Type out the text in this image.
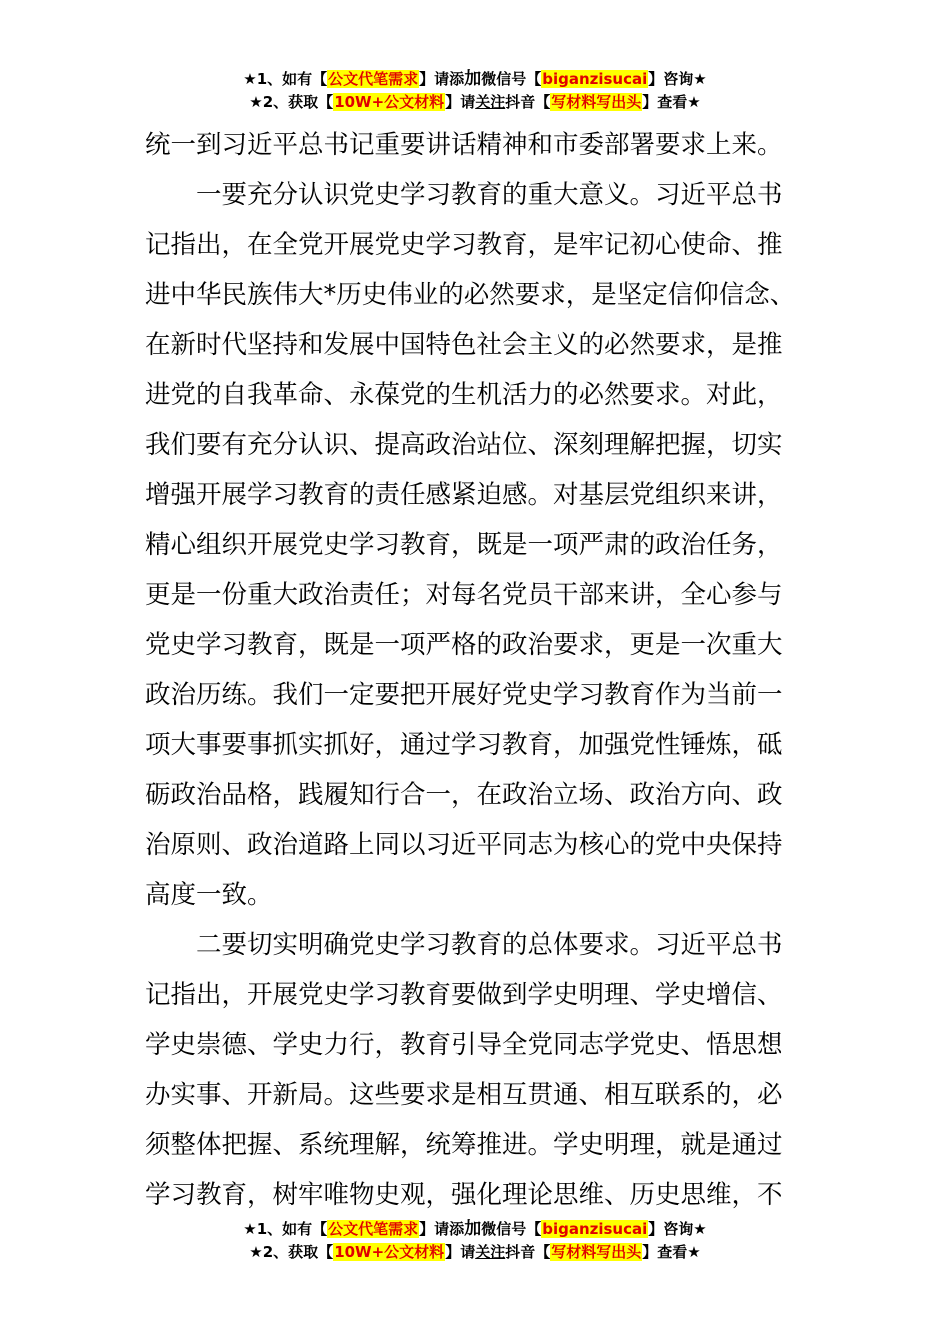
★1、如有【公文代笔需求】请添加微信号【biganzisucai】咨询★
★2、获取【10W+公文材料】请关注抖音【写材料写出头】查看★
统一到习近平总书记重要讲话精神和市委部署要求上来。
一要充分认识党史学习教育的重大意义。习近平总书
记指出，在全党开展党史学习教育，是牢记初心使命、推
进中华民族伟大*历史伟业的必然要求，是坚定信仰信念、
在新时代坚持和发展中国特色社会主义的必然要求，是推
进党的自我革命、永葆党的生机活力的必然要求。对此，
我们要有充分认识、提高政治站位、深刻理解把握，切实
增强开展学习教育的责任感紧迫感。对基层党组织来讲，
精心组织开展党史学习教育，既是一项严肃的政治任务，
更是一份重大政治责任；对每名党员干部来讲，全心参与
党史学习教育，既是一项严格的政治要求，更是一次重大
政治历练。我们一定要把开展好党史学习教育作为当前一
项大事要事抓实抓好，通过学习教育，加强党性锤炼，砥
砺政治品格，践履知行合一，在政治立场、政治方向、政
治原则、政治道路上同以习近平同志为核心的党中央保持
高度一致。
二要切实明确党史学习教育的总体要求。习近平总书
记指出，开展党史学习教育要做到学史明理、学史增信、
学史崇德、学史力行，教育引导全党同志学党史、悟思想
办实事、开新局。这些要求是相互贯通、相互联系的，必
须整体把握、系统理解，统筹推进。学史明理，就是通过
学习教育，树牢唯物史观，强化理论思维、历史思维，不
★1、如有【公文代笔需求】请添加微信号【biganzisucai】咨询★
★2、获取【10W+公文材料】请关注抖音【写材料写出头】查看★
